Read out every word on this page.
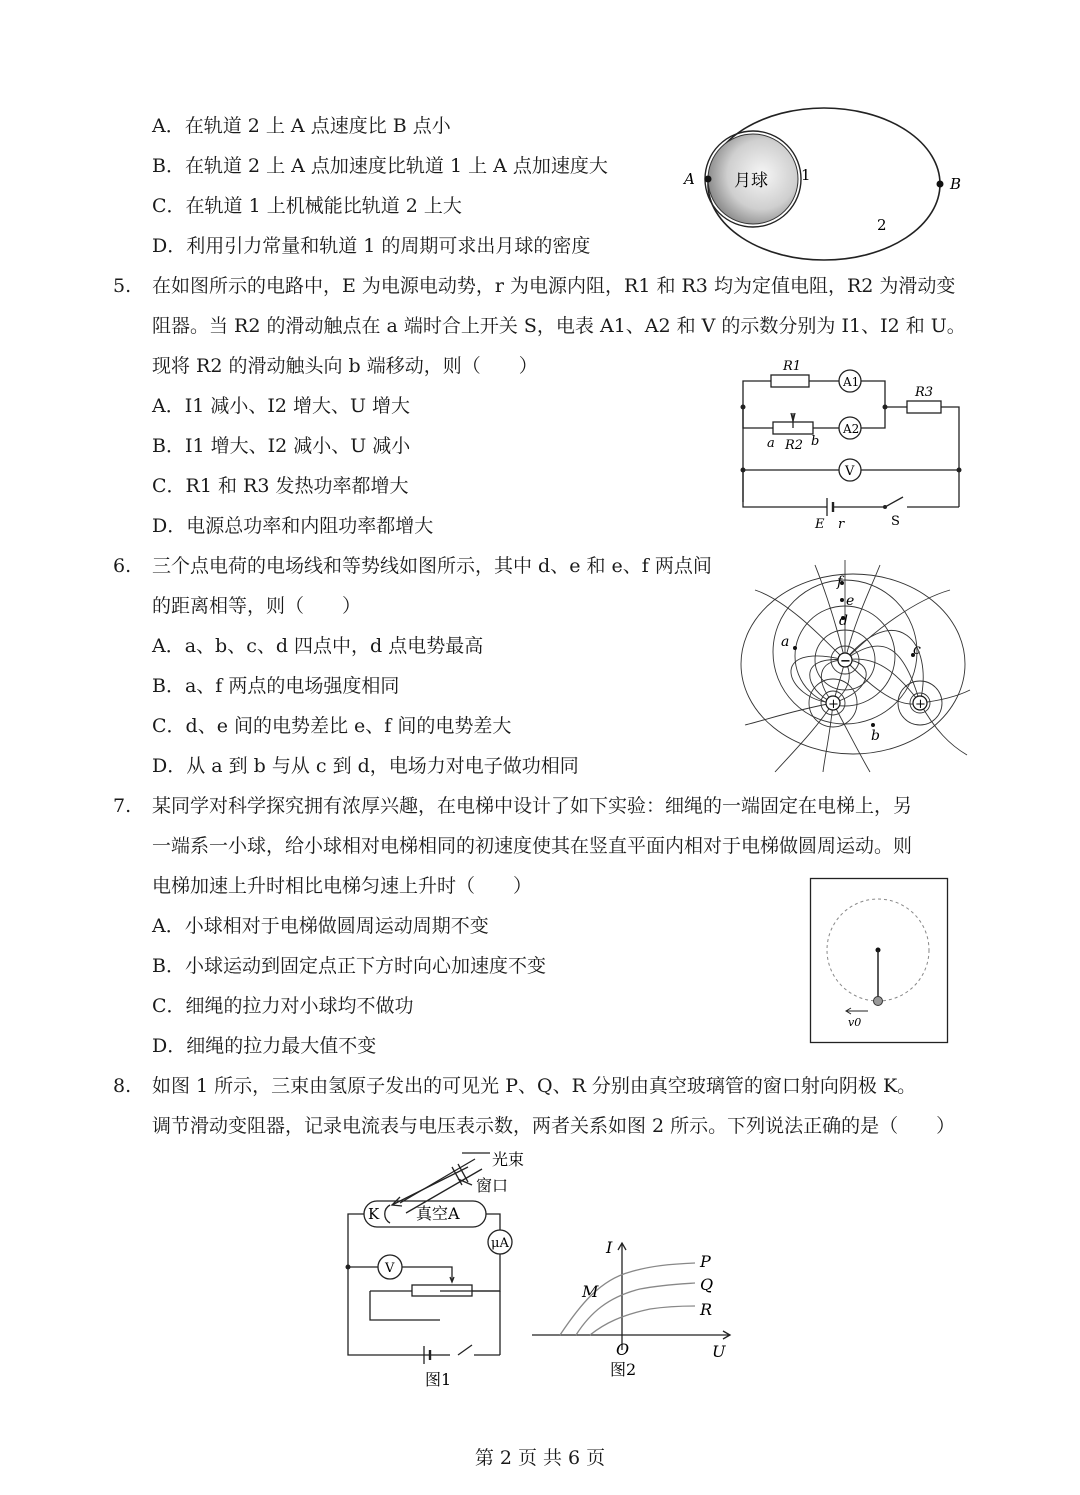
A．在轨道 2 上 A 点速度比 B 点小
B．在轨道 2 上 A 点加速度比轨道 1 上 A 点加速度大
C．在轨道 1 上机械能比轨道 2 上大
D．利用引力常量和轨道 1 的周期可求出月球的密度
月球
A	B
1
2
5. 在如图所示的电路中，E 为电源电动势，r 为电源内阻，R1 和 R3 均为定值电阻，R2 为滑动变
阻器。当 R2 的滑动触点在 a 端时合上开关 S，电表 A1、A2 和 V 的示数分别为 I1、I2 和 U。
现将 R2 的滑动触头向 b 端移动，则（　　）
A．I1 减小、I2 增大、U 增大
B．I1 增大、I2 减小、U 减小
C．R1 和 R3 发热功率都增大
D．电源总功率和内阻功率都增大
R1
A1
A2
V
R3
a R2 b
E r	S
6. 三个点电荷的电场线和等势线如图所示，其中 d、e 和 e、f 两点间
的距离相等，则（　　）
A．a、b、c、d 四点中，d 点电势最高
B．a、f 两点的电场强度相同
C．d、e 间的电势差比 e、f 间的电势差大
D．从 a 到 b 与从 c 到 d，电场力对电子做功相同
−
+	+
f
e
d
a	c
b
7. 某同学对科学探究拥有浓厚兴趣，在电梯中设计了如下实验：细绳的一端固定在电梯上，另
一端系一小球，给小球相对电梯相同的初速度使其在竖直平面内相对于电梯做圆周运动。则
电梯加速上升时相比电梯匀速上升时（　　）
A．小球相对于电梯做圆周运动周期不变
B．小球运动到固定点正下方时向心加速度不变
C．细绳的拉力对小球均不做功
D．细绳的拉力最大值不变
v0
8. 如图 1 所示，三束由氢原子发出的可见光 P、Q、R 分别由真空玻璃管的窗口射向阴极 K。
调节滑动变阻器，记录电流表与电压表示数，两者关系如图 2 所示。下列说法正确的是（　　）
光束
窗口
K 真空A
μA
V
图1
I
U
O
M
P
Q
R
图2
第 2 页 共 6 页
